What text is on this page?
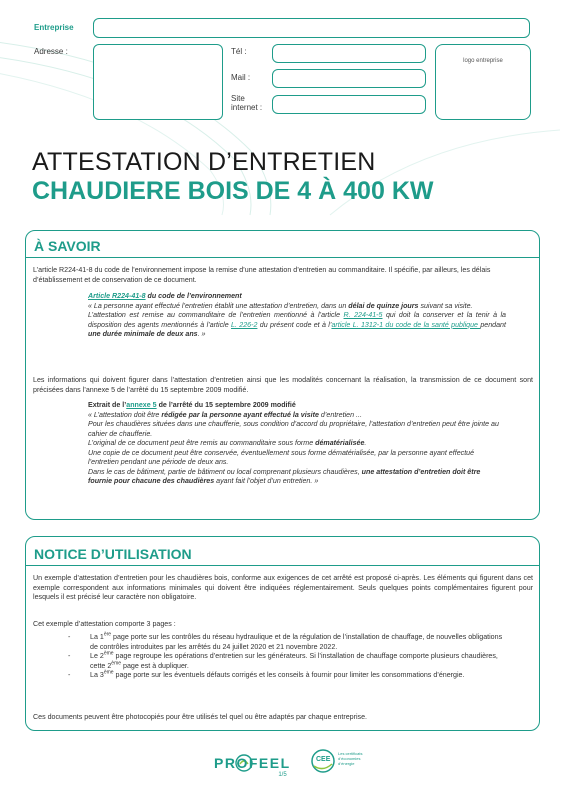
Entreprise
Adresse :	Tél :
Mail :
Site internet :
logo entreprise
ATTESTATION D’ENTRETIEN
CHAUDIERE BOIS DE 4 À 400 KW
À SAVOIR
L’article R224-41-8 du code de l’environnement impose la remise d’une attestation d’entretien au commanditaire. Il spécifie, par ailleurs, les délais d’établissement et de conservation de ce document.
Article R224-41-8 du code de l’environnement
« La personne ayant effectué l’entretien établit une attestation d’entretien, dans un délai de quinze jours suivant sa visite.
L’attestation est remise au commanditaire de l’entretien mentionné à l’article R. 224-41-5 qui doit la conserver et la tenir à la disposition des agents mentionnés à l’article L. 226-2 du présent code et à l’article L. 1312-1 du code de la santé publique pendant une durée minimale de deux ans. »
Les informations qui doivent figurer dans l’attestation d’entretien ainsi que les modalités concernant la réalisation, la transmission de ce document sont précisées dans l’annexe 5 de l’arrêté du 15 septembre 2009 modifié.
Extrait de l’annexe 5 de l’arrêté du 15 septembre 2009 modifié
« L’attestation doit être rédigée par la personne ayant effectué la visite d’entretien ...
Pour les chaudières situées dans une chaufferie, sous condition d’accord du propriétaire, l’attestation d’entretien peut être jointe au cahier de chaufferie.
L’original de ce document peut être remis au commanditaire sous forme dématérialisée.
Une copie de ce document peut être conservée, éventuellement sous forme dématérialisée, par la personne ayant effectué l’entretien pendant une période de deux ans.
Dans le cas de bâtiment, partie de bâtiment ou local comprenant plusieurs chaudières, une attestation d’entretien doit être fournie pour chacune des chaudières ayant fait l’objet d’un entretien. »
NOTICE D’UTILISATION
Un exemple d’attestation d’entretien pour les chaudières bois, conforme aux exigences de cet arrêté est proposé ci-après. Les éléments qui figurent dans cet exemple correspondent aux informations minimales qui doivent être indiquées réglementairement. Seuls quelques points complémentaires figurent pour lesquels il est précisé leur caractère non obligatoire.
Cet exemple d’attestation comporte 3 pages :
-	La 1ère page porte sur les contrôles du réseau hydraulique et de la régulation de l’installation de chauffage, de nouvelles obligations de contrôles introduites par les arrêtés du 24 juillet 2020 et 21 novembre 2022.
-	Le 2ème page regroupe les opérations d’entretien sur les générateurs. Si l’installation de chauffage comporte plusieurs chaudières, cette 2ème page est à dupliquer.
-	La 3ème page porte sur les éventuels défauts corrigés et les conseils à fournir pour limiter les consommations d’énergie.
Ces documents peuvent être photocopiés pour être utilisés tel quel ou être adaptés par chaque entreprise.
PROFEEL	CEE
Les certificats d’économies d’énergie
1/5
